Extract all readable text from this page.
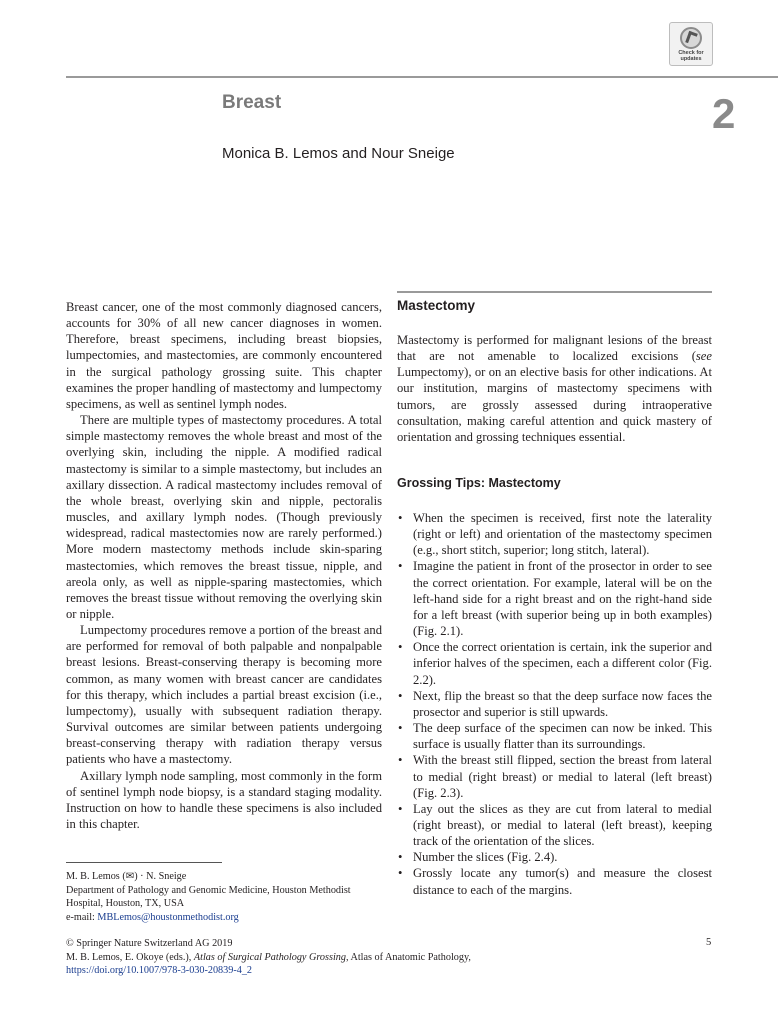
Check for
updates
Breast	2
Monica B. Lemos and Nour Sneige

Breast cancer, one of the most commonly diagnosed cancers, accounts for 30% of all new cancer diagnoses in women. Therefore, breast specimens, including breast biopsies, lumpectomies, and mastectomies, are commonly encountered in the surgical pathology grossing suite. This chapter examines the proper handling of mastectomy and lumpectomy specimens, as well as sentinel lymph nodes.

There are multiple types of mastectomy procedures. A total simple mastectomy removes the whole breast and most of the overlying skin, including the nipple. A modified radical mastectomy is similar to a simple mastectomy, but includes an axillary dissection. A radical mastectomy includes removal of the whole breast, overlying skin and nipple, pectoralis muscles, and axillary lymph nodes. (Though previously widespread, radical mastectomies now are rarely performed.) More modern mastectomy methods include skin-sparing mastectomies, which removes the breast tissue, nipple, and areola only, as well as nipple-sparing mastectomies, which removes the breast tissue without removing the overlying skin or nipple.

Lumpectomy procedures remove a portion of the breast and are performed for removal of both palpable and nonpalpable breast lesions. Breast-conserving therapy is becoming more common, as many women with breast cancer are candidates for this therapy, which includes a partial breast excision (i.e., lumpectomy), usually with subsequent radiation therapy. Survival outcomes are similar between patients undergoing breast-conserving therapy with radiation therapy versus patients who have a mastectomy.

Axillary lymph node sampling, most commonly in the form of sentinel lymph node biopsy, is a standard staging modality. Instruction on how to handle these specimens is also included in this chapter.

Mastectomy

Mastectomy is performed for malignant lesions of the breast that are not amenable to localized excisions (see Lumpectomy), or on an elective basis for other indications. At our institution, margins of mastectomy specimens with tumors, are grossly assessed during intraoperative consultation, making careful attention and quick mastery of orientation and grossing techniques essential.

Grossing Tips: Mastectomy
• When the specimen is received, first note the laterality (right or left) and orientation of the mastectomy specimen (e.g., short stitch, superior; long stitch, lateral).
• Imagine the patient in front of the prosector in order to see the correct orientation. For example, lateral will be on the left-hand side for a right breast and on the right-hand side for a left breast (with superior being up in both examples) (Fig. 2.1).
• Once the correct orientation is certain, ink the superior and inferior halves of the specimen, each a different color (Fig. 2.2).
• Next, flip the breast so that the deep surface now faces the prosector and superior is still upwards.
• The deep surface of the specimen can now be inked. This surface is usually flatter than its surroundings.
• With the breast still flipped, section the breast from lateral to medial (right breast) or medial to lateral (left breast) (Fig. 2.3).
• Lay out the slices as they are cut from lateral to medial (right breast), or medial to lateral (left breast), keeping track of the orientation of the slices.
• Number the slices (Fig. 2.4).
• Grossly locate any tumor(s) and measure the closest distance to each of the margins.

M. B. Lemos (✉) · N. Sneige

Department of Pathology and Genomic Medicine, Houston Methodist Hospital, Houston, TX, USA

e-mail: MBLemos@houstonmethodist.org

© Springer Nature Switzerland AG 2019

M. B. Lemos, E. Okoye (eds.), Atlas of Surgical Pathology Grossing, Atlas of Anatomic Pathology,

https://doi.org/10.1007/978-3-030-20839-4_2

5
